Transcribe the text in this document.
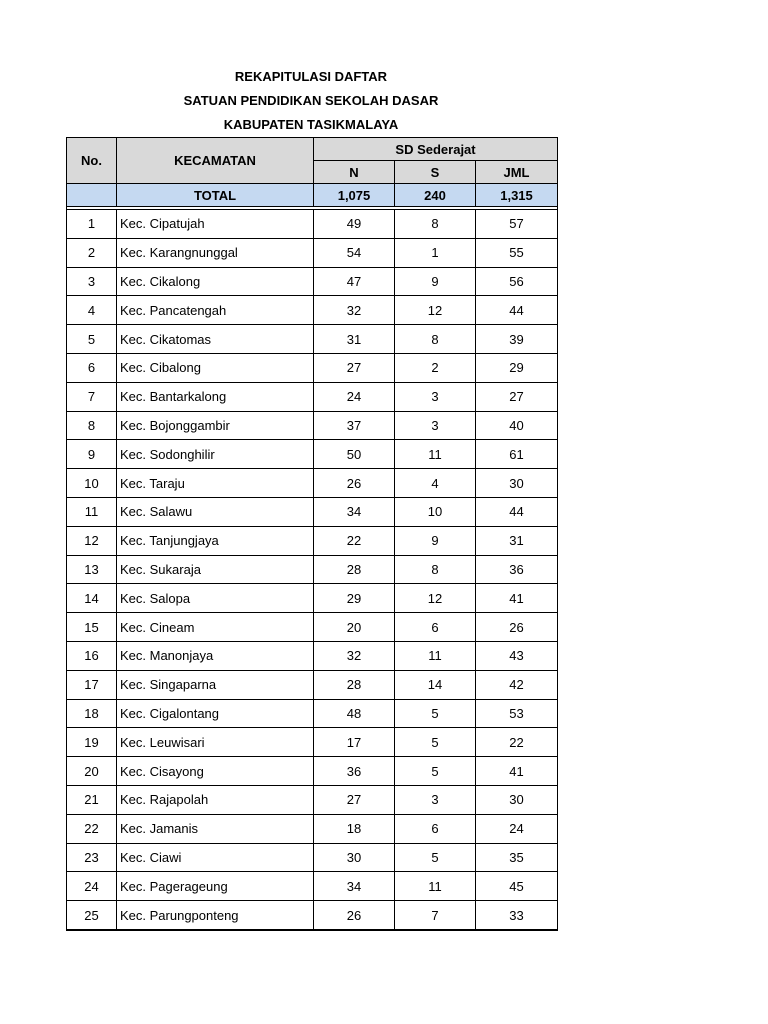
REKAPITULASI DAFTAR
SATUAN PENDIDIKAN SEKOLAH DASAR
KABUPATEN TASIKMALAYA
No.	KECAMATAN	SD Sederajat		
		N	S	JML
	TOTAL	1,075	240	1,315

1	Kec. Cipatujah	49	8	57
2	Kec. Karangnunggal	54	1	55
3	Kec. Cikalong	47	9	56
4	Kec. Pancatengah	32	12	44
5	Kec. Cikatomas	31	8	39
6	Kec. Cibalong	27	2	29
7	Kec. Bantarkalong	24	3	27
8	Kec. Bojonggambir	37	3	40
9	Kec. Sodonghilir	50	11	61
10	Kec. Taraju	26	4	30
11	Kec. Salawu	34	10	44
12	Kec. Tanjungjaya	22	9	31
13	Kec. Sukaraja	28	8	36
14	Kec. Salopa	29	12	41
15	Kec. Cineam	20	6	26
16	Kec. Manonjaya	32	11	43
17	Kec. Singaparna	28	14	42
18	Kec. Cigalontang	48	5	53
19	Kec. Leuwisari	17	5	22
20	Kec. Cisayong	36	5	41
21	Kec. Rajapolah	27	3	30
22	Kec. Jamanis	18	6	24
23	Kec. Ciawi	30	5	35
24	Kec. Pagerageung	34	11	45
25	Kec. Parungponteng	26	7	33
